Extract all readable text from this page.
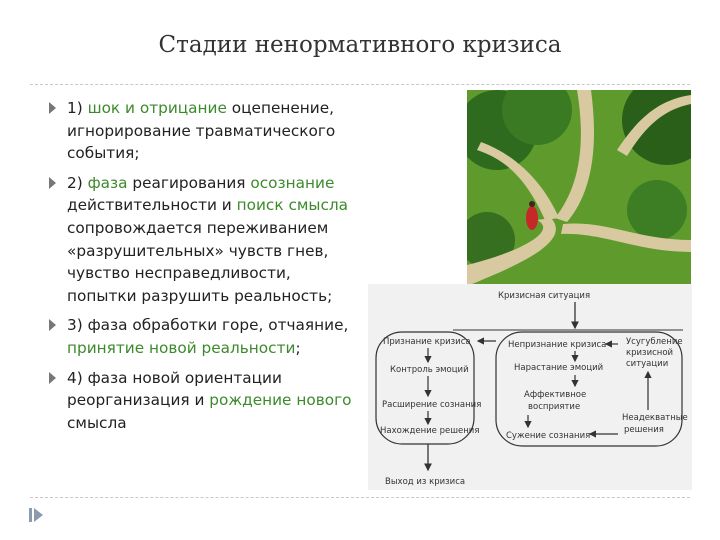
Стадии ненормативного кризиса
1) шок и отрицание оцепенение, игнорирование травматического события;
2) фаза реагирования осознание действительности и поиск смысла сопровождается переживанием «разрушительных» чувств гнев, чувство несправедливости, попытки разрушить реальность;
3) фаза обработки горе, отчаяние, принятие новой реальности;
4) фаза новой ориентации реорганизация и рождение нового смысла
Кризисная ситуация
Признание кризиса
Контроль эмоций
Расширение сознания
Нахождение решения
Непризнание кризиса
Нарастание эмоций
Аффективное
восприятие
Сужение сознания
Усугубление
кризисной
ситуации
Неадекватные
решения
Выход из кризиса
